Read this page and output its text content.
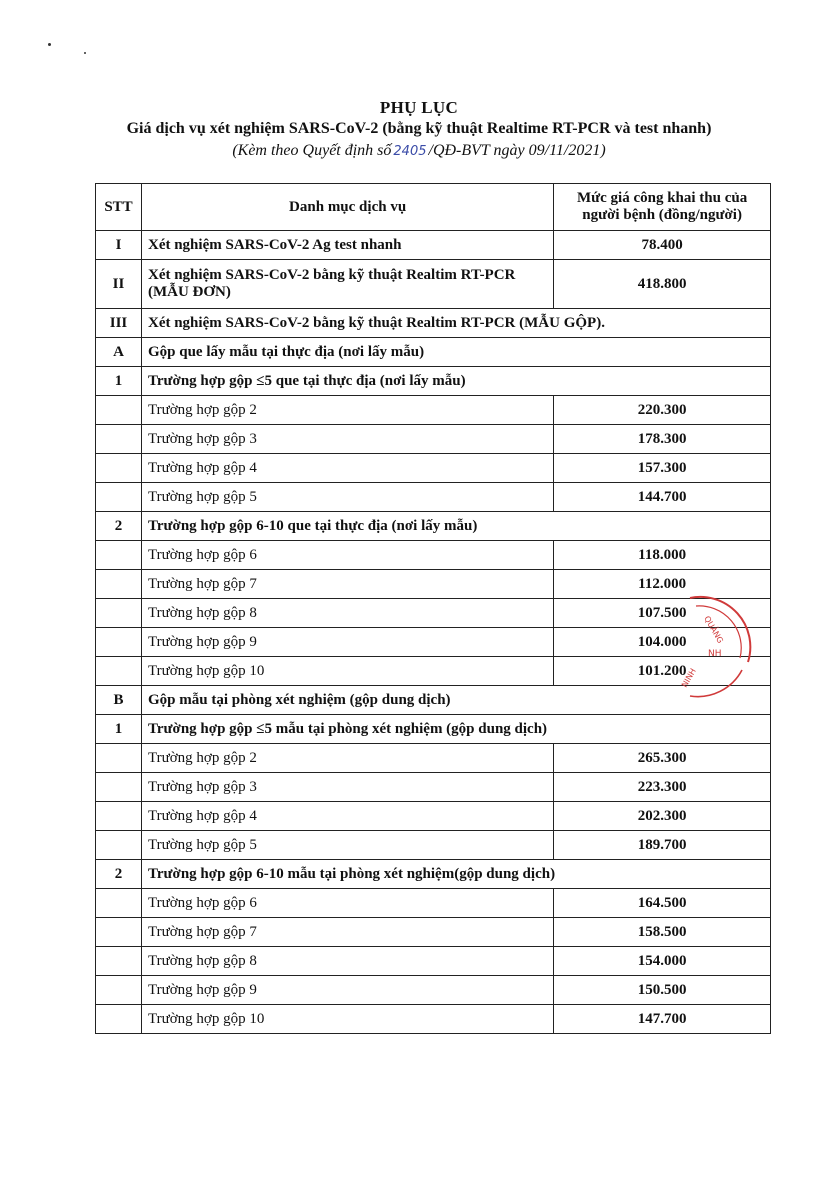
PHỤ LỤC
Giá dịch vụ xét nghiệm SARS-CoV-2 (bằng kỹ thuật Realtime RT-PCR và test nhanh)
(Kèm theo Quyết định số 2405 /QĐ-BVT ngày 09/11/2021)
STT	Danh mục dịch vụ	Mức giá công khai thu của người bệnh (đồng/người)
I	Xét nghiệm SARS-CoV-2 Ag test nhanh	78.400
II	Xét nghiệm SARS-CoV-2 bằng kỹ thuật Realtim RT-PCR (MẪU ĐƠN)	418.800
III	Xét nghiệm SARS-CoV-2 bằng kỹ thuật Realtim RT-PCR (MẪU GỘP).	
A	Gộp que lấy mẫu tại thực địa (nơi lấy mẫu)	
1	Trường hợp gộp ≤5 que tại thực địa (nơi lấy mẫu)	
	Trường hợp gộp 2	220.300
	Trường hợp gộp 3	178.300
	Trường hợp gộp 4	157.300
	Trường hợp gộp 5	144.700
2	Trường hợp gộp 6-10 que tại thực địa (nơi lấy mẫu)	
	Trường hợp gộp 6	118.000
	Trường hợp gộp 7	112.000
	Trường hợp gộp 8	107.500
	Trường hợp gộp 9	104.000
	Trường hợp gộp 10	101.200
B	Gộp mẫu tại phòng xét nghiệm (gộp dung dịch)	
1	Trường hợp gộp ≤5 mẫu tại phòng xét nghiệm (gộp dung dịch)	
	Trường hợp gộp 2	265.300
	Trường hợp gộp 3	223.300
	Trường hợp gộp 4	202.300
	Trường hợp gộp 5	189.700
2	Trường hợp gộp 6-10 mẫu tại phòng xét nghiệm(gộp dung dịch)	
	Trường hợp gộp 6	164.500
	Trường hợp gộp 7	158.500
	Trường hợp gộp 8	154.000
	Trường hợp gộp 9	150.500
	Trường hợp gộp 10	147.700
QUẢNG
NH
NINH
